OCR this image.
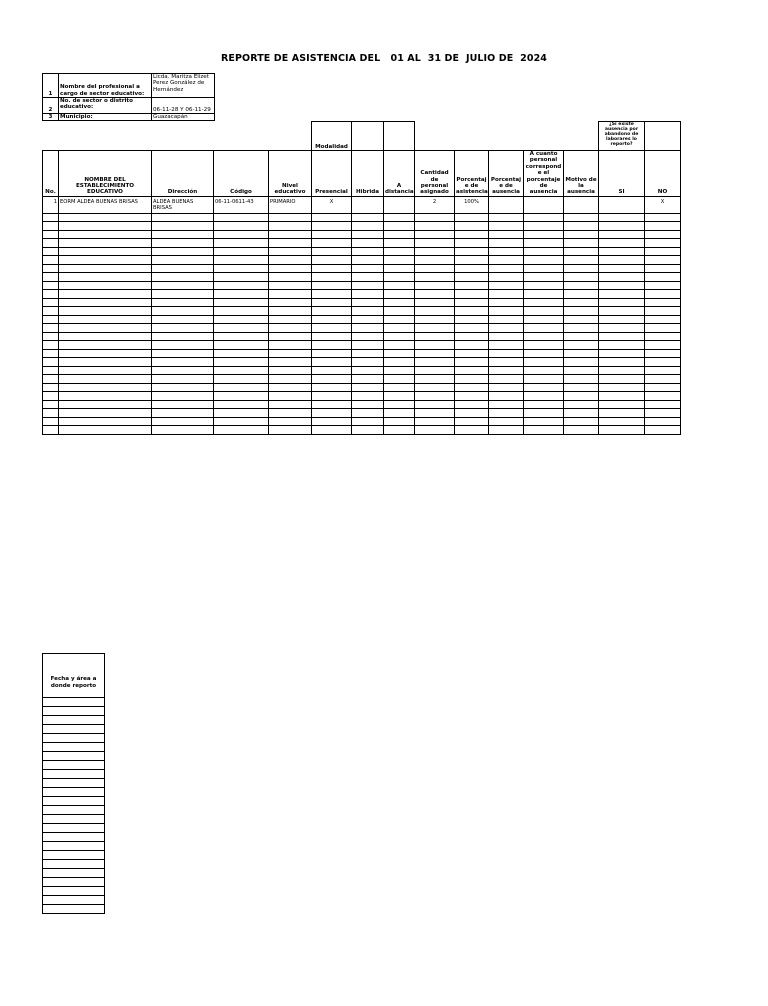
REPORTE DE ASISTENCIA DEL   01 AL  31 DE  JULIO DE  2024
1	Nombre del profesional a cargo de sector educativo:	Licda. Maritza Elizet Perez González de Hernández
2	No. de sector o distrito educativo:	06-11-28 Y 06-11-29
3	Municipio:	Guazacapán
					Modalidad								¿Si existe ausencia por abandono de laborares lo reporto?	
No.	NOMBRE DEL ESTABLECIMIENTO EDUCATIVO	Dirección	Código	Nivel educativo	Presencial	Hibrida	A distancia	Cantidad de personal asignado	Porcentaj e de asistencia	Porcentaj e de ausencia	A cuanto personal correspond e el porcentaje de ausencia	Motivo de la ausencia	SI	NO
1	EORM ALDEA BUENAS BRISAS	ALDEA BUENAS BRISAS	06-11-0611-43	PRIMARIO	X			2	100%					X

Fecha y área a donde reporto
